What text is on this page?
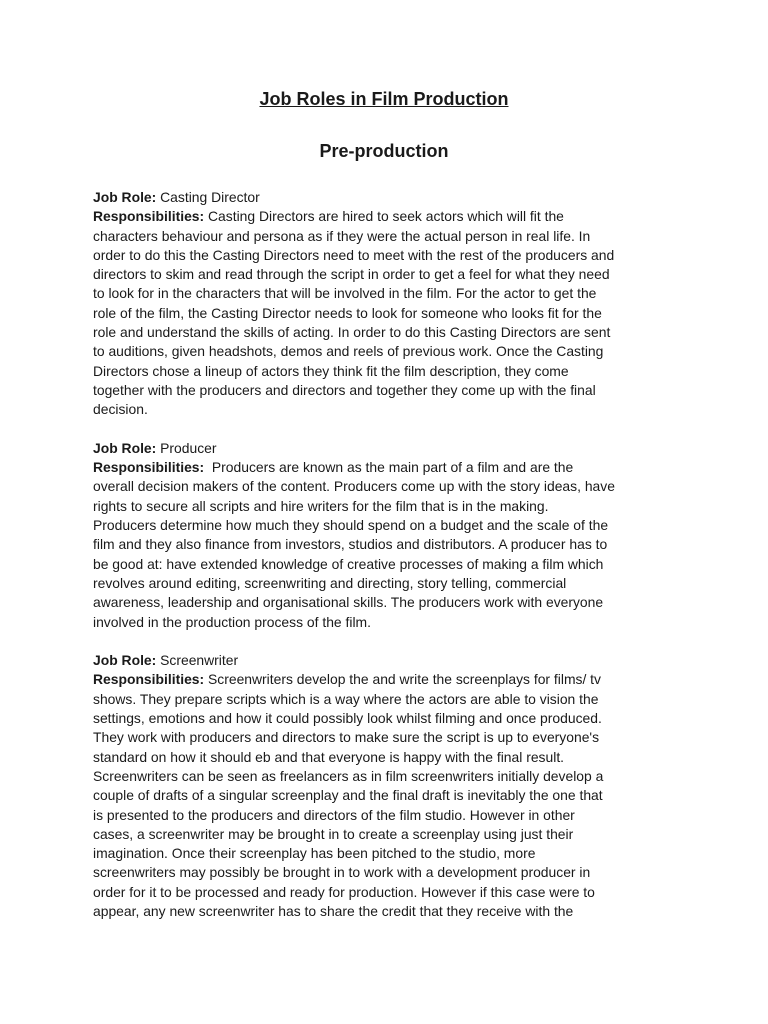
Job Roles in Film Production
Pre-production
Job Role: Casting Director
Responsibilities: Casting Directors are hired to seek actors which will fit the
characters behaviour and persona as if they were the actual person in real life. In
order to do this the Casting Directors need to meet with the rest of the producers and
directors to skim and read through the script in order to get a feel for what they need
to look for in the characters that will be involved in the film. For the actor to get the
role of the film, the Casting Director needs to look for someone who looks fit for the
role and understand the skills of acting. In order to do this Casting Directors are sent
to auditions, given headshots, demos and reels of previous work. Once the Casting
Directors chose a lineup of actors they think fit the film description, they come
together with the producers and directors and together they come up with the final
decision.
Job Role: Producer
Responsibilities:  Producers are known as the main part of a film and are the
overall decision makers of the content. Producers come up with the story ideas, have
rights to secure all scripts and hire writers for the film that is in the making.
Producers determine how much they should spend on a budget and the scale of the
film and they also finance from investors, studios and distributors. A producer has to
be good at: have extended knowledge of creative processes of making a film which
revolves around editing, screenwriting and directing, story telling, commercial
awareness, leadership and organisational skills. The producers work with everyone
involved in the production process of the film.
Job Role: Screenwriter
Responsibilities: Screenwriters develop the and write the screenplays for films/ tv
shows. They prepare scripts which is a way where the actors are able to vision the
settings, emotions and how it could possibly look whilst filming and once produced.
They work with producers and directors to make sure the script is up to everyone's
standard on how it should eb and that everyone is happy with the final result.
Screenwriters can be seen as freelancers as in film screenwriters initially develop a
couple of drafts of a singular screenplay and the final draft is inevitably the one that
is presented to the producers and directors of the film studio. However in other
cases, a screenwriter may be brought in to create a screenplay using just their
imagination. Once their screenplay has been pitched to the studio, more
screenwriters may possibly be brought in to work with a development producer in
order for it to be processed and ready for production. However if this case were to
appear, any new screenwriter has to share the credit that they receive with the
